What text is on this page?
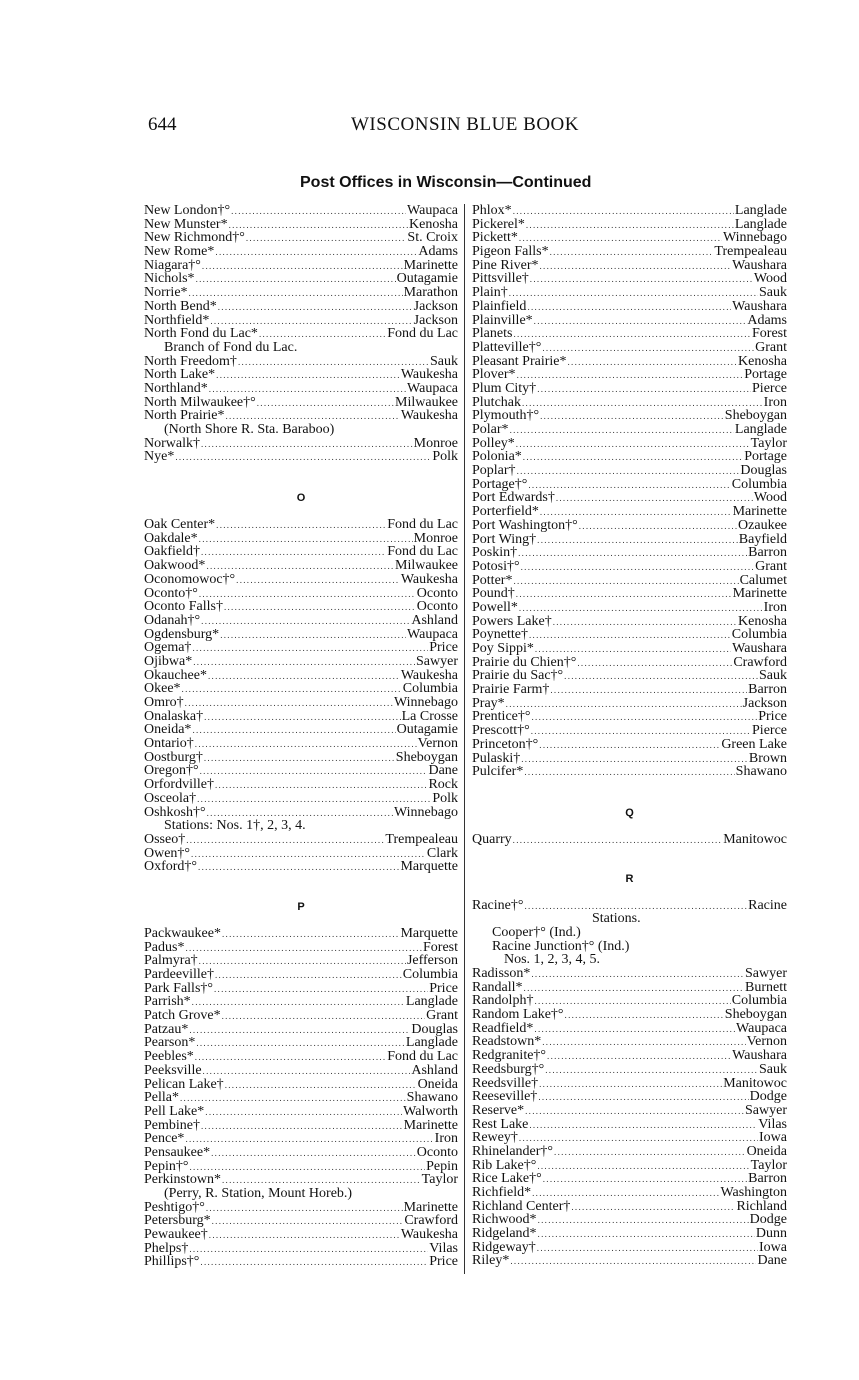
644	WISCONSIN BLUE BOOK
Post Offices in Wisconsin—Continued
New London†° .....	Waupaca
New Munster* .....	Kenosha
New Richmond†° .....	St. Croix
New Rome* .....	Adams
Niagara†° .....	Marinette
Nichols* .....	Outagamie
Norrie* .....	Marathon
North Bend* .....	Jackson
Northfield* .....	Jackson
North Fond du Lac* .....	Fond du Lac
Branch of Fond du Lac.
North Freedom† .....	Sauk
North Lake* .....	Waukesha
Northland* .....	Waupaca
North Milwaukee†° .....	Milwaukee
North Prairie* .....	Waukesha
(North Shore R. Sta. Baraboo)
Norwalk† .....	Monroe
Nye* .....	Polk
O
Oak Center* .....	Fond du Lac
Oakdale* .....	Monroe
Oakfield† .....	Fond du Lac
Oakwood* .....	Milwaukee
Oconomowoc†° .....	Waukesha
Oconto†° .....	Oconto
Oconto Falls† .....	Oconto
Odanah†° .....	Ashland
Ogdensburg* .....	Waupaca
Ogema† .....	Price
Ojibwa* .....	Sawyer
Okauchee* .....	Waukesha
Okee* .....	Columbia
Omro† .....	Winnebago
Onalaska† .....	La Crosse
Oneida* .....	Outagamie
Ontario† .....	Vernon
Oostburg† .....	Sheboygan
Oregon†° .....	Dane
Orfordville† .....	Rock
Osceola† .....	Polk
Oshkosh†° .....	Winnebago
Stations: Nos. 1†, 2, 3, 4.
Osseo† .....	Trempealeau
Owen†° .....	Clark
Oxford†° .....	Marquette
P
Packwaukee* .....	Marquette
Padus* .....	Forest
Palmyra† .....	Jefferson
Pardeeville† .....	Columbia
Park Falls†° .....	Price
Parrish* .....	Langlade
Patch Grove* .....	Grant
Patzau* .....	Douglas
Pearson* .....	Langlade
Peebles* .....	Fond du Lac
Peeksville .....	Ashland
Pelican Lake† .....	Oneida
Pella* .....	Shawano
Pell Lake* .....	Walworth
Pembine† .....	Marinette
Pence* .....	Iron
Pensaukee* .....	Oconto
Pepin†° .....	Pepin
Perkinstown* .....	Taylor
(Perry, R. Station, Mount Horeb.)
Peshtigo†° .....	Marinette
Petersburg* .....	Crawford
Pewaukee† .....	Waukesha
Phelps† .....	Vilas
Phillips†° .....	Price
Phlox* .....	Langlade
Pickerel* .....	Langlade
Pickett* .....	Winnebago
Pigeon Falls* .....	Trempealeau
Pine River* .....	Waushara
Pittsville† .....	Wood
Plain† .....	Sauk
Plainfield .....	Waushara
Plainville* .....	Adams
Planets .....	Forest
Platteville†° .....	Grant
Pleasant Prairie* .....	Kenosha
Plover* .....	Portage
Plum City† .....	Pierce
Plutchak .....	Iron
Plymouth†° .....	Sheboygan
Polar* .....	Langlade
Polley* .....	Taylor
Polonia* .....	Portage
Poplar† .....	Douglas
Portage†° .....	Columbia
Port Edwards† .....	Wood
Porterfield* .....	Marinette
Port Washington†° .....	Ozaukee
Port Wing† .....	Bayfield
Poskin† .....	Barron
Potosi†° .....	Grant
Potter* .....	Calumet
Pound† .....	Marinette
Powell* .....	Iron
Powers Lake† .....	Kenosha
Poynette† .....	Columbia
Poy Sippi* .....	Waushara
Prairie du Chien†° .....	Crawford
Prairie du Sac†° .....	Sauk
Prairie Farm† .....	Barron
Pray* .....	Jackson
Prentice†° .....	Price
Prescott†° .....	Pierce
Princeton†° .....	Green Lake
Pulaski† .....	Brown
Pulcifer* .....	Shawano
Q
Quarry .....	Manitowoc
R
Racine†° .....	Racine
Stations.
Cooper†° (Ind.)
Racine Junction†° (Ind.)
Nos. 1, 2, 3, 4, 5.
Radisson* .....	Sawyer
Randall* .....	Burnett
Randolph† .....	Columbia
Random Lake†° .....	Sheboygan
Readfield* .....	Waupaca
Readstown* .....	Vernon
Redgranite†° .....	Waushara
Reedsburg†° .....	Sauk
Reedsville† .....	Manitowoc
Reeseville† .....	Dodge
Reserve* .....	Sawyer
Rest Lake .....	Vilas
Rewey† .....	Iowa
Rhinelander†° .....	Oneida
Rib Lake†° .....	Taylor
Rice Lake†° .....	Barron
Richfield* .....	Washington
Richland Center† .....	Richland
Richwood* .....	Dodge
Ridgeland* .....	Dunn
Ridgeway† .....	Iowa
Riley* .....	Dane
